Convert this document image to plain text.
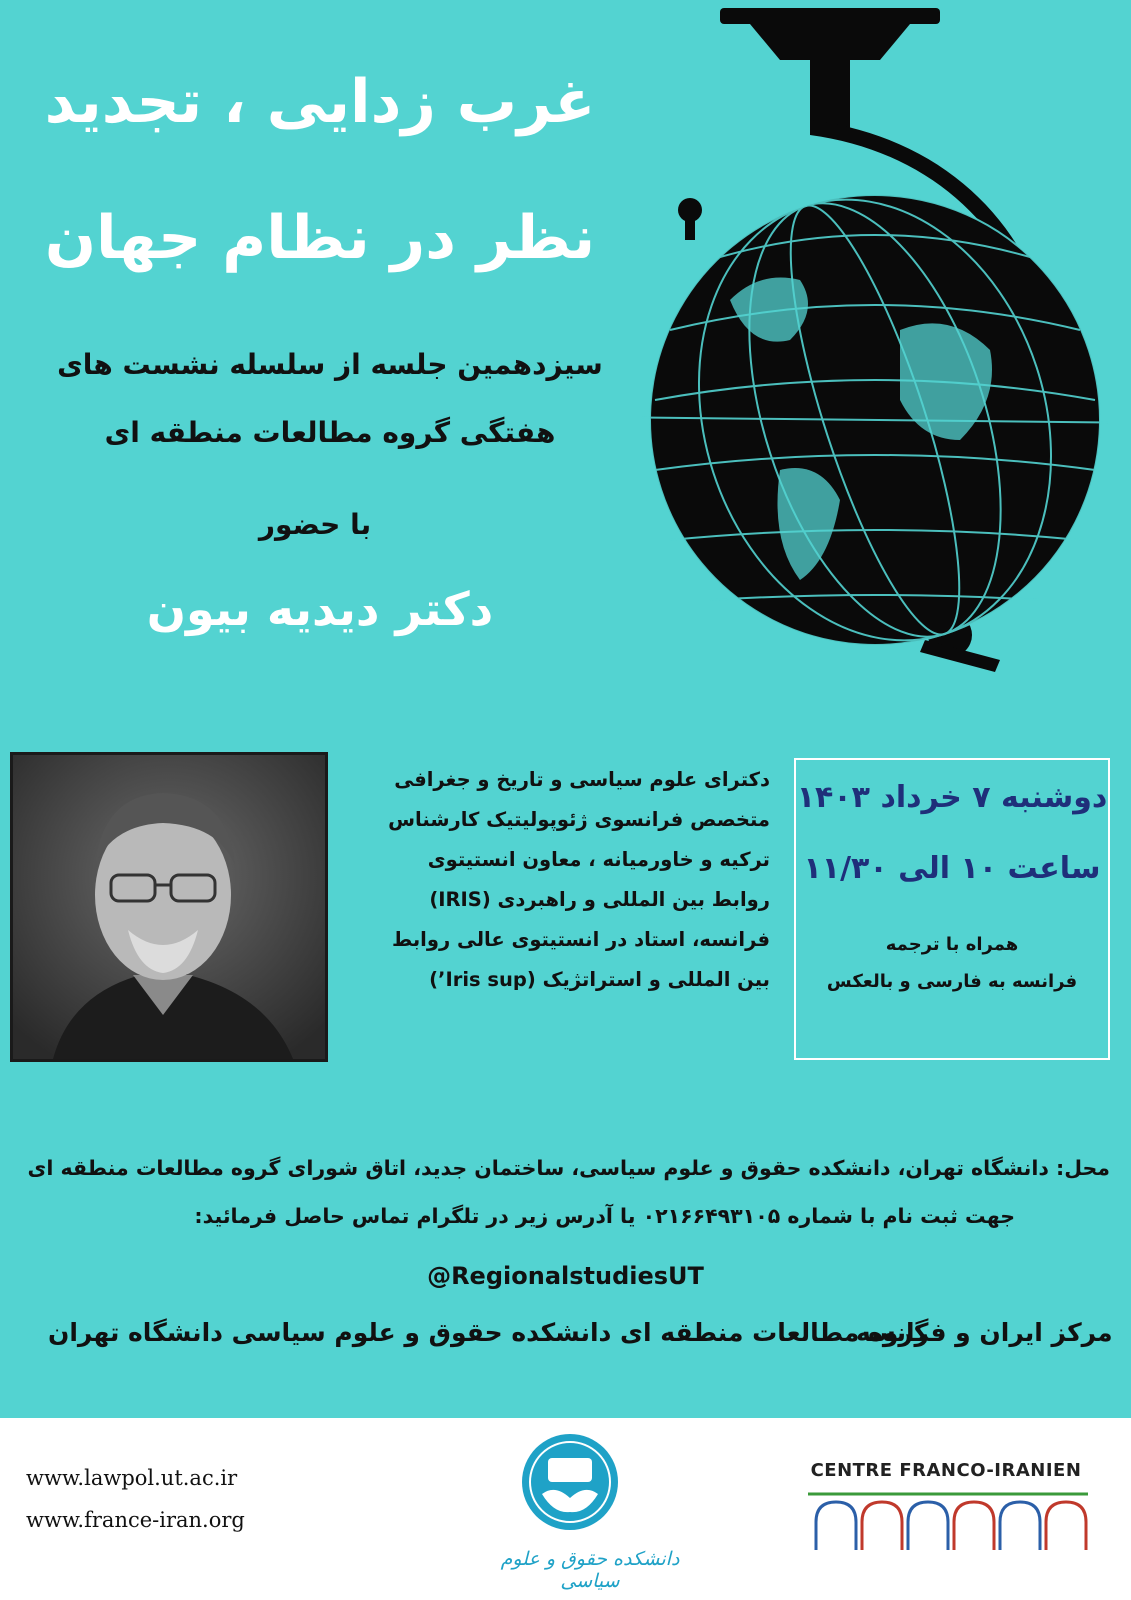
غرب زدایی ، تجدید
نظر در نظام جهان
سیزدهمین جلسه از سلسله نشست های
هفتگی گروه مطالعات منطقه ای
با حضور
دکتر دیدیه بیون
دکترای علوم سیاسی و تاریخ و جغرافی
متخصص فرانسوی ژئوپولیتیک کارشناس
ترکیه و خاورمیانه ، معاون انستیتوی
روابط بین المللی و راهبردی (IRIS)
فرانسه، استاد در انستیتوی عالی روابط
بین المللی و استراتژیک (Iris sup’)
دوشنبه ۷ خرداد ۱۴۰۳
ساعت ۱۰ الی ۱۱/۳۰
همراه با ترجمه
فرانسه به فارسی و بالعکس
محل: دانشگاه تهران، دانشکده حقوق و علوم سیاسی، ساختمان جدید، اتاق شورای گروه مطالعات منطقه ای
جهت ثبت نام با شماره ۰۲۱۶۶۴۹۳۱۰۵ یا آدرس زیر در تلگرام تماس حاصل فرمائید:
@RegionalstudiesUT
گروه مطالعات منطقه ای دانشکده حقوق و علوم سیاسی دانشگاه تهران
مرکز ایران و فرانسه
www.lawpol.ut.ac.ir
www.france-iran.org
دانشکده حقوق و علوم سیاسی
CENTRE FRANCO-IRANIEN
